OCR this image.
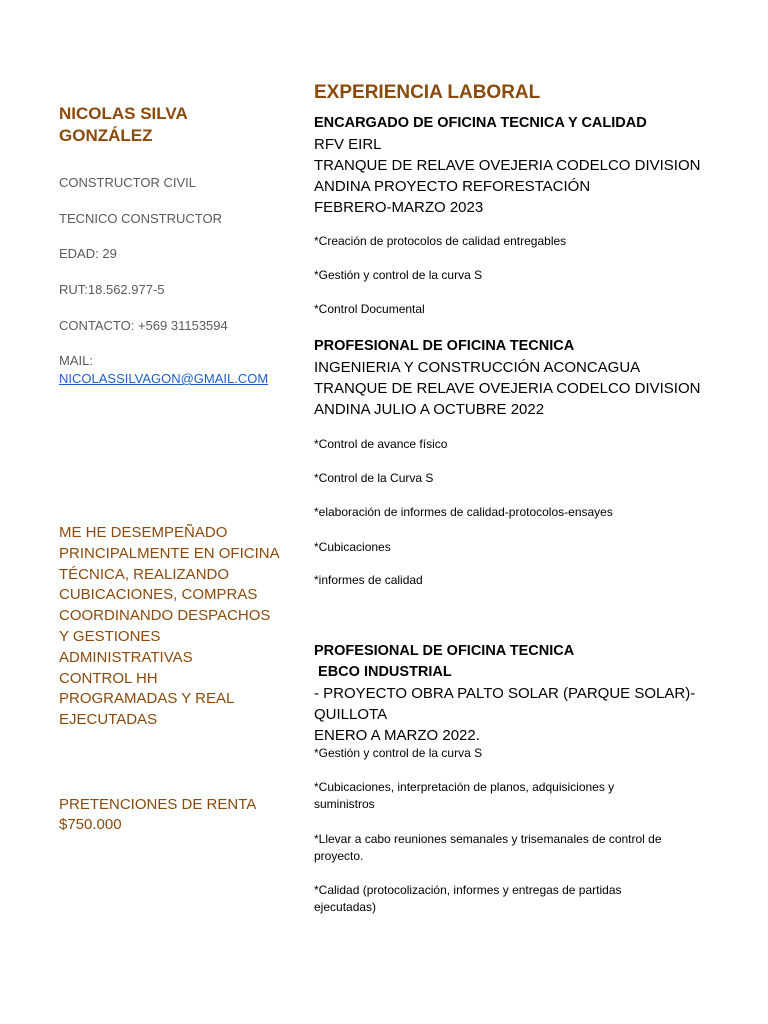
NICOLAS SILVA
GONZÁLEZ
CONSTRUCTOR CIVIL
TECNICO CONSTRUCTOR
EDAD: 29
RUT:18.562.977-5
CONTACTO: +569 31153594
MAIL:
NICOLASSILVAGON@GMAIL.COM
ME HE DESEMPEÑADO
PRINCIPALMENTE EN OFICINA
TÉCNICA, REALIZANDO
CUBICACIONES, COMPRAS
COORDINANDO DESPACHOS
Y GESTIONES
ADMINISTRATIVAS
CONTROL HH
PROGRAMADAS Y REAL
EJECUTADAS
PRETENCIONES DE RENTA
$750.000
EXPERIENCIA LABORAL
ENCARGADO DE OFICINA TECNICA Y CALIDAD
RFV EIRL
TRANQUE DE RELAVE OVEJERIA CODELCO DIVISION
ANDINA PROYECTO REFORESTACIÓN
FEBRERO-MARZO 2023
*Creación de protocolos de calidad entregables
*Gestión y control de la curva S
*Control Documental
PROFESIONAL DE OFICINA TECNICA
INGENIERIA Y CONSTRUCCIÓN ACONCAGUA
TRANQUE DE RELAVE OVEJERIA CODELCO DIVISION
ANDINA JULIO A OCTUBRE 2022
*Control de avance físico
*Control de la Curva S
*elaboración de informes de calidad-protocolos-ensayes
*Cubicaciones
*informes de calidad
PROFESIONAL DE OFICINA TECNICA
EBCO INDUSTRIAL
- PROYECTO OBRA PALTO SOLAR (PARQUE SOLAR)-
QUILLOTA
ENERO A MARZO 2022.
*Gestión y control de la curva S
*Cubicaciones, interpretación de planos, adquisiciones y suministros
*Llevar a cabo reuniones semanales y trisemanales de control de proyecto.
*Calidad (protocolización, informes y entregas de partidas ejecutadas)
